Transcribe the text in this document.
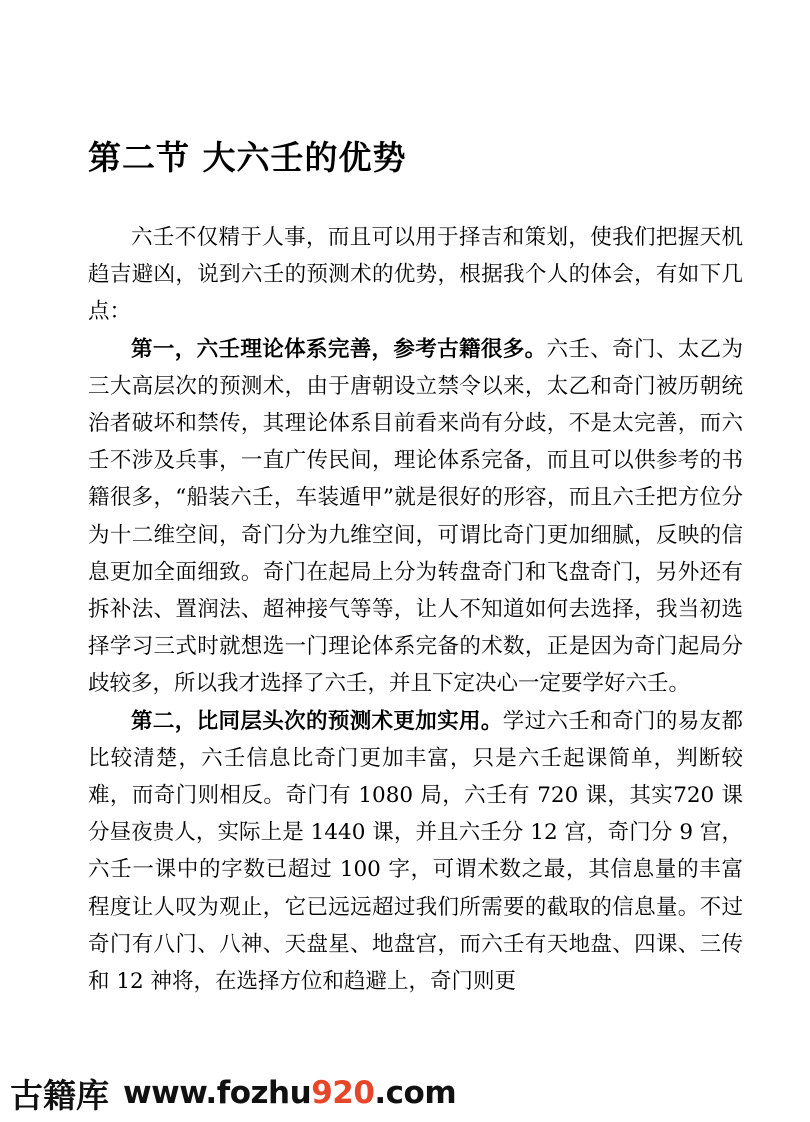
第二节 大六壬的优势

六壬不仅精于人事，而且可以用于择吉和策划，使我们把握天机趋吉避凶，说到六壬的预测术的优势，根据我个人的体会，有如下几点：

第一，六壬理论体系完善，参考古籍很多。六壬、奇门、太乙为三大高层次的预测术，由于唐朝设立禁令以来，太乙和奇门被历朝统治者破坏和禁传，其理论体系目前看来尚有分歧，不是太完善，而六壬不涉及兵事，一直广传民间，理论体系完备，而且可以供参考的书籍很多，“船装六壬，车装遁甲”就是很好的形容，而且六壬把方位分为十二维空间，奇门分为九维空间，可谓比奇门更加细腻，反映的信息更加全面细致。奇门在起局上分为转盘奇门和飞盘奇门，另外还有拆补法、置润法、超神接气等等，让人不知道如何去选择，我当初选择学习三式时就想选一门理论体系完备的术数，正是因为奇门起局分歧较多，所以我才选择了六壬，并且下定决心一定要学好六壬。

第二，比同层头次的预测术更加实用。学过六壬和奇门的易友都比较清楚，六壬信息比奇门更加丰富，只是六壬起课简单，判断较难，而奇门则相反。奇门有 1080 局，六壬有 720 课，其实720 课分昼夜贵人，实际上是 1440 课，并且六壬分 12 宫，奇门分 9 宫，六壬一课中的字数已超过 100 字，可谓术数之最，其信息量的丰富程度让人叹为观止，它已远远超过我们所需要的截取的信息量。不过奇门有八门、八神、天盘星、地盘宫，而六壬有天地盘、四课、三传和 12 神将，在选择方位和趋避上，奇门则更

古籍库 www.fozhu920.com
